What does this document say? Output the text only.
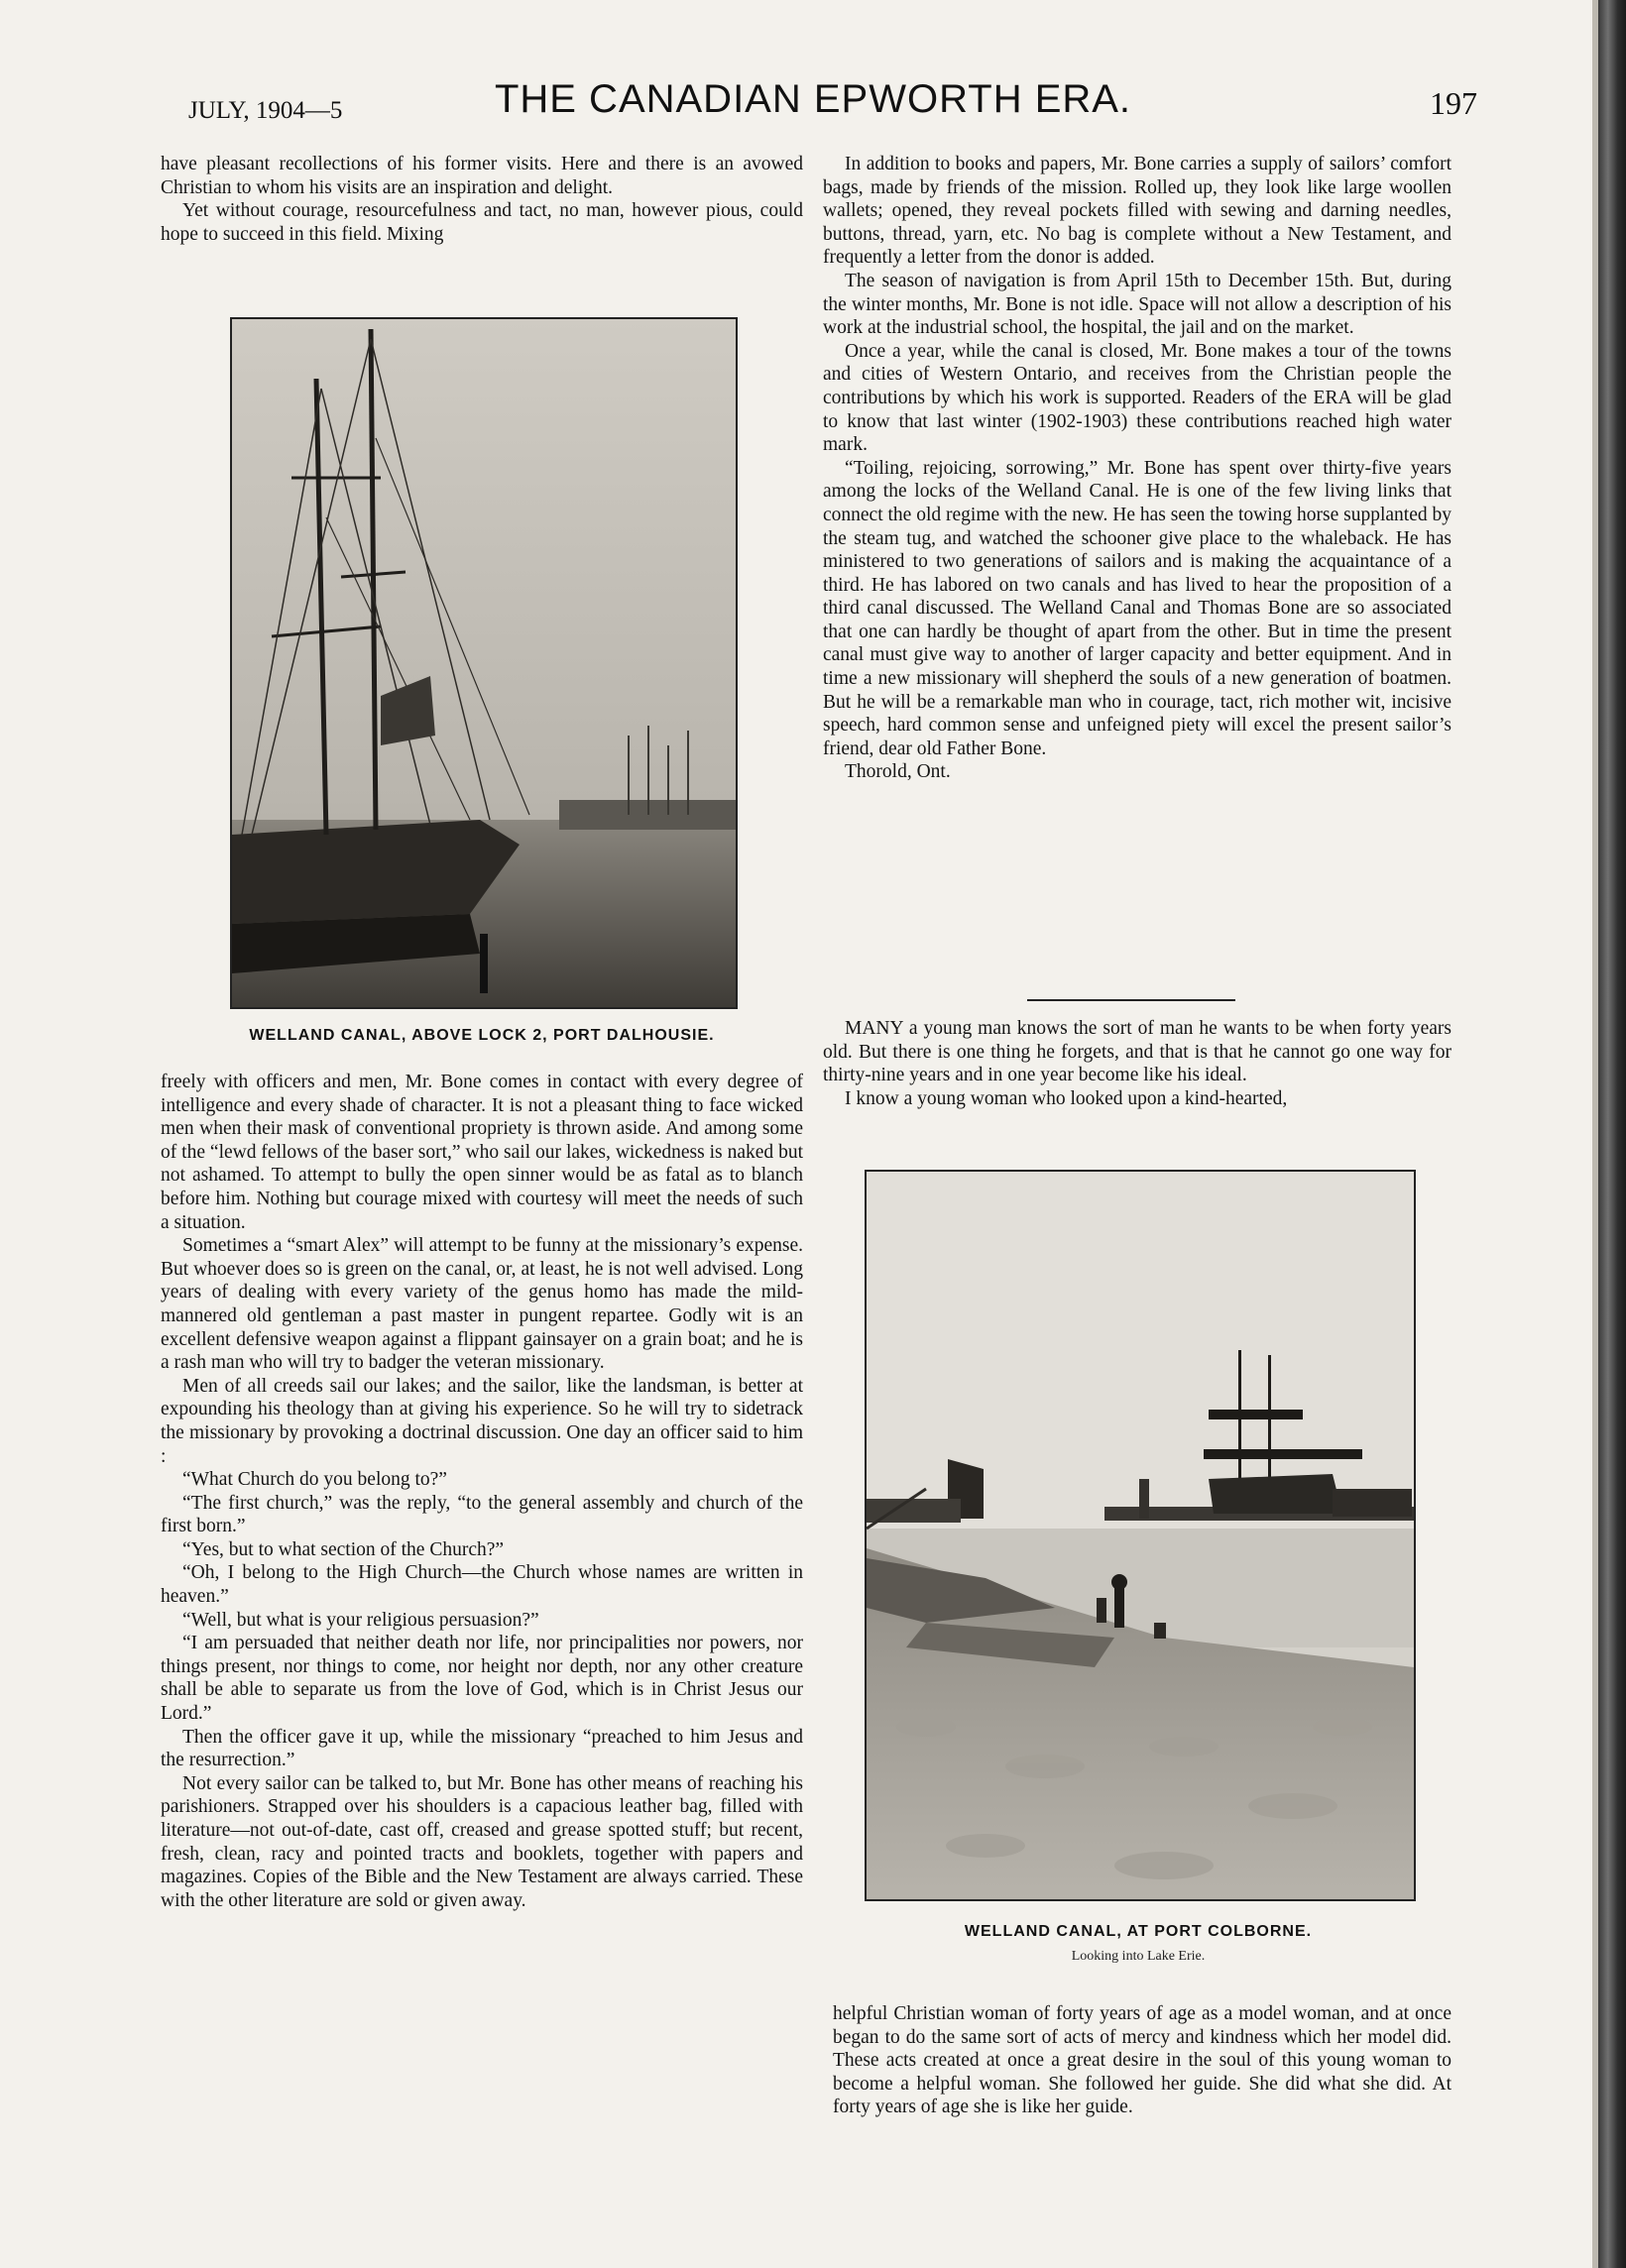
JULY, 1904—5	THE CANADIAN EPWORTH ERA.	197

have pleasant recollections of his former visits. Here and there is an avowed Christian to whom his visits are an inspiration and delight.

Yet without courage, resourcefulness and tact, no man, however pious, could hope to succeed in this field. Mixing

WELLAND CANAL, ABOVE LOCK 2, PORT DALHOUSIE.

freely with officers and men, Mr. Bone comes in contact with every degree of intelligence and every shade of character. It is not a pleasant thing to face wicked men when their mask of conventional propriety is thrown aside. And among some of the “lewd fellows of the baser sort,” who sail our lakes, wickedness is naked but not ashamed. To attempt to bully the open sinner would be as fatal as to blanch before him. Nothing but courage mixed with courtesy will meet the needs of such a situation.

Sometimes a “smart Alex” will attempt to be funny at the missionary’s expense. But whoever does so is green on the canal, or, at least, he is not well advised. Long years of dealing with every variety of the genus homo has made the mild-mannered old gentleman a past master in pungent repartee. Godly wit is an excellent defensive weapon against a flippant gainsayer on a grain boat; and he is a rash man who will try to badger the veteran missionary.

Men of all creeds sail our lakes; and the sailor, like the landsman, is better at expounding his theology than at giving his experience. So he will try to sidetrack the missionary by provoking a doctrinal discussion. One day an officer said to him :

“What Church do you belong to?”

“The first church,” was the reply, “to the general assembly and church of the first born.”

“Yes, but to what section of the Church?”

“Oh, I belong to the High Church—the Church whose names are written in heaven.”

“Well, but what is your religious persuasion?”

“I am persuaded that neither death nor life, nor principalities nor powers, nor things present, nor things to come, nor height nor depth, nor any other creature shall be able to separate us from the love of God, which is in Christ Jesus our Lord.”

Then the officer gave it up, while the missionary “preached to him Jesus and the resurrection.”

Not every sailor can be talked to, but Mr. Bone has other means of reaching his parishioners. Strapped over his shoulders is a capacious leather bag, filled with literature—not out-of-date, cast off, creased and grease spotted stuff; but recent, fresh, clean, racy and pointed tracts and booklets, together with papers and magazines. Copies of the Bible and the New Testament are always carried. These with the other literature are sold or given away.

In addition to books and papers, Mr. Bone carries a supply of sailors’ comfort bags, made by friends of the mission. Rolled up, they look like large woollen wallets; opened, they reveal pockets filled with sewing and darning needles, buttons, thread, yarn, etc. No bag is complete without a New Testament, and frequently a letter from the donor is added.

The season of navigation is from April 15th to December 15th. But, during the winter months, Mr. Bone is not idle. Space will not allow a description of his work at the industrial school, the hospital, the jail and on the market.

Once a year, while the canal is closed, Mr. Bone makes a tour of the towns and cities of Western Ontario, and receives from the Christian people the contributions by which his work is supported. Readers of the ERA will be glad to know that last winter (1902-1903) these contributions reached high water mark.

“Toiling, rejoicing, sorrowing,” Mr. Bone has spent over thirty-five years among the locks of the Welland Canal. He is one of the few living links that connect the old regime with the new. He has seen the towing horse supplanted by the steam tug, and watched the schooner give place to the whaleback. He has ministered to two generations of sailors and is making the acquaintance of a third. He has labored on two canals and has lived to hear the proposition of a third canal discussed. The Welland Canal and Thomas Bone are so associated that one can hardly be thought of apart from the other. But in time the present canal must give way to another of larger capacity and better equipment. And in time a new missionary will shepherd the souls of a new generation of boatmen. But he will be a remarkable man who in courage, tact, rich mother wit, incisive speech, hard common sense and unfeigned piety will excel the present sailor’s friend, dear old Father Bone.

Thorold, Ont.

MANY a young man knows the sort of man he wants to be when forty years old. But there is one thing he forgets, and that is that he cannot go one way for thirty-nine years and in one year become like his ideal.

I know a young woman who looked upon a kind-hearted,

WELLAND CANAL, AT PORT COLBORNE.
Looking into Lake Erie.

helpful Christian woman of forty years of age as a model woman, and at once began to do the same sort of acts of mercy and kindness which her model did. These acts created at once a great desire in the soul of this young woman to become a helpful woman. She followed her guide. She did what she did. At forty years of age she is like her guide.
